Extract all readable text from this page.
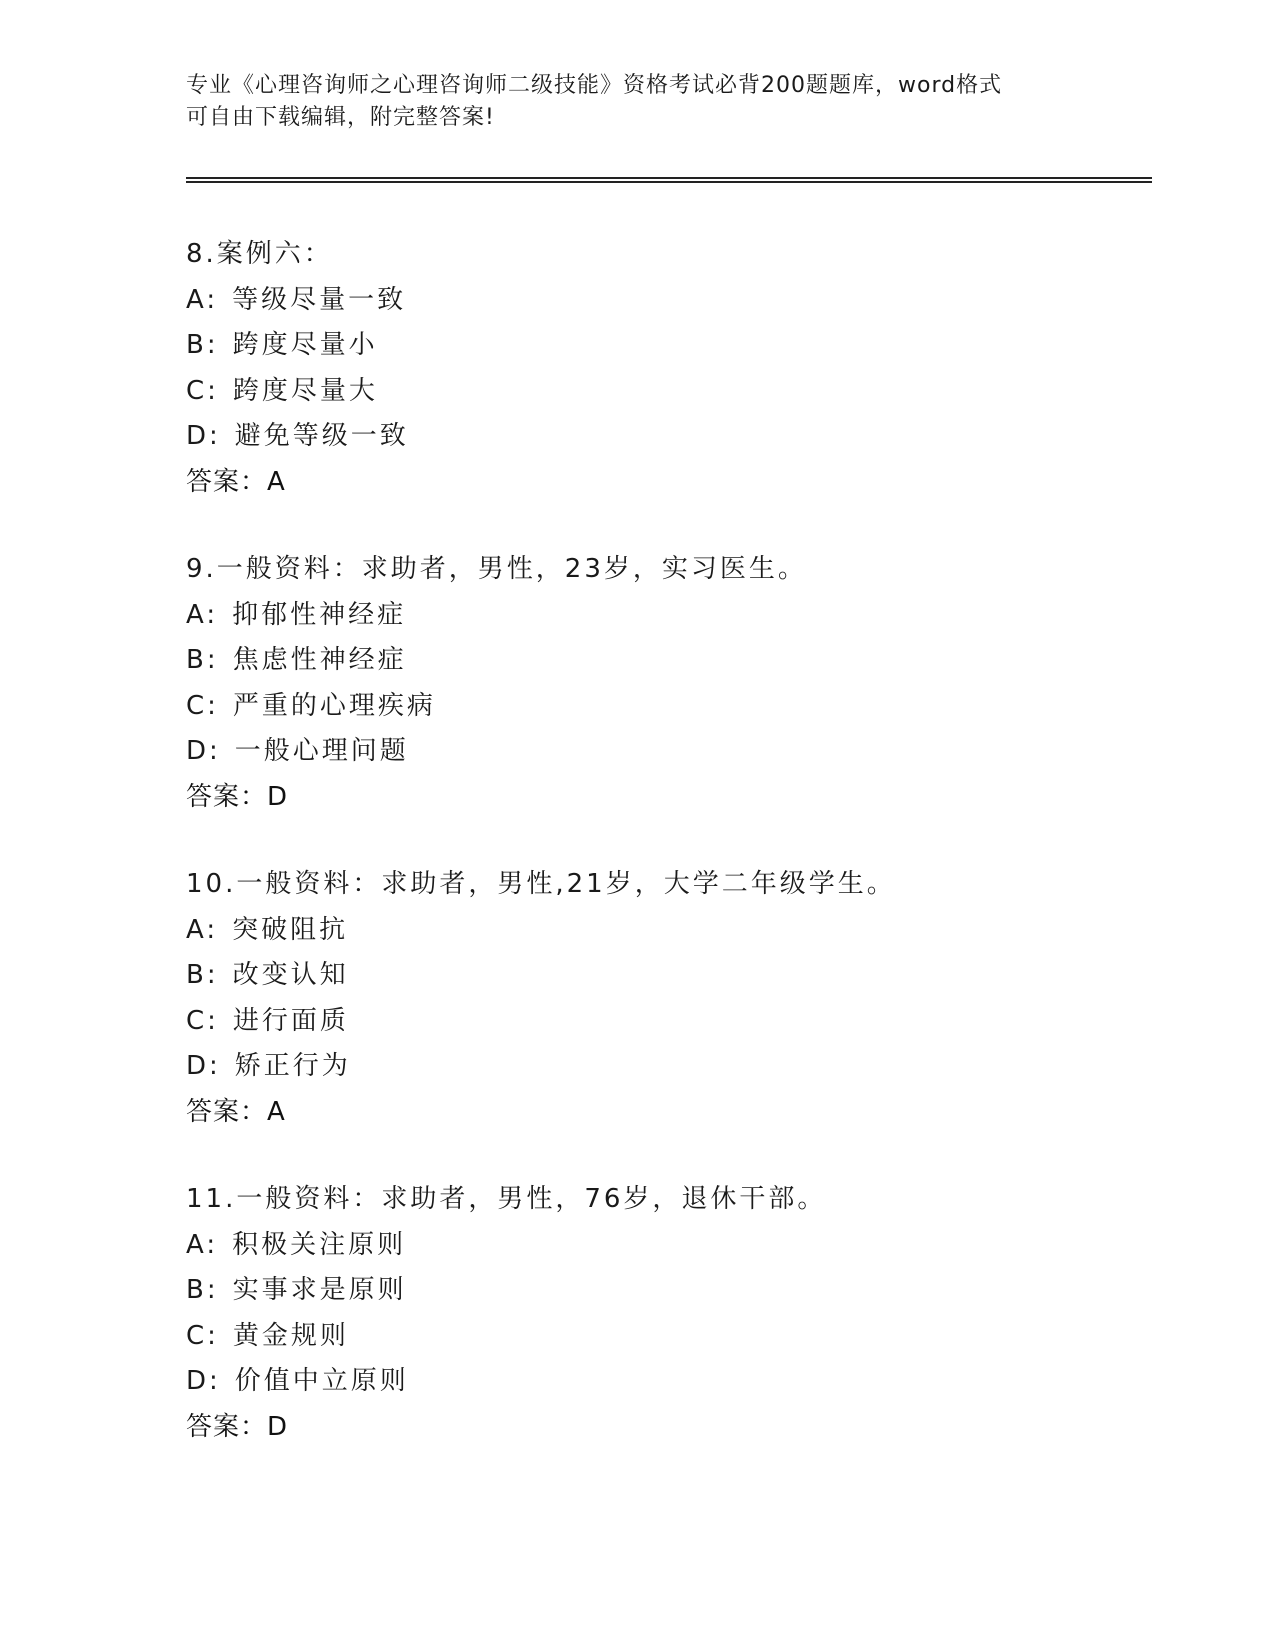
专业《心理咨询师之心理咨询师二级技能》资格考试必背200题题库，word格式
可自由下载编辑，附完整答案!
8.案例六：
A: 等级尽量一致
B: 跨度尽量小
C: 跨度尽量大
D: 避免等级一致
答案：A
9.一般资料：求助者，男性，23岁，实习医生。
A: 抑郁性神经症
B: 焦虑性神经症
C: 严重的心理疾病
D: 一般心理问题
答案：D
10.一般资料：求助者，男性,21岁，大学二年级学生。
A: 突破阻抗
B: 改变认知
C: 进行面质
D: 矫正行为
答案：A
11.一般资料：求助者，男性，76岁，退休干部。
A: 积极关注原则
B: 实事求是原则
C: 黄金规则
D: 价值中立原则
答案：D
